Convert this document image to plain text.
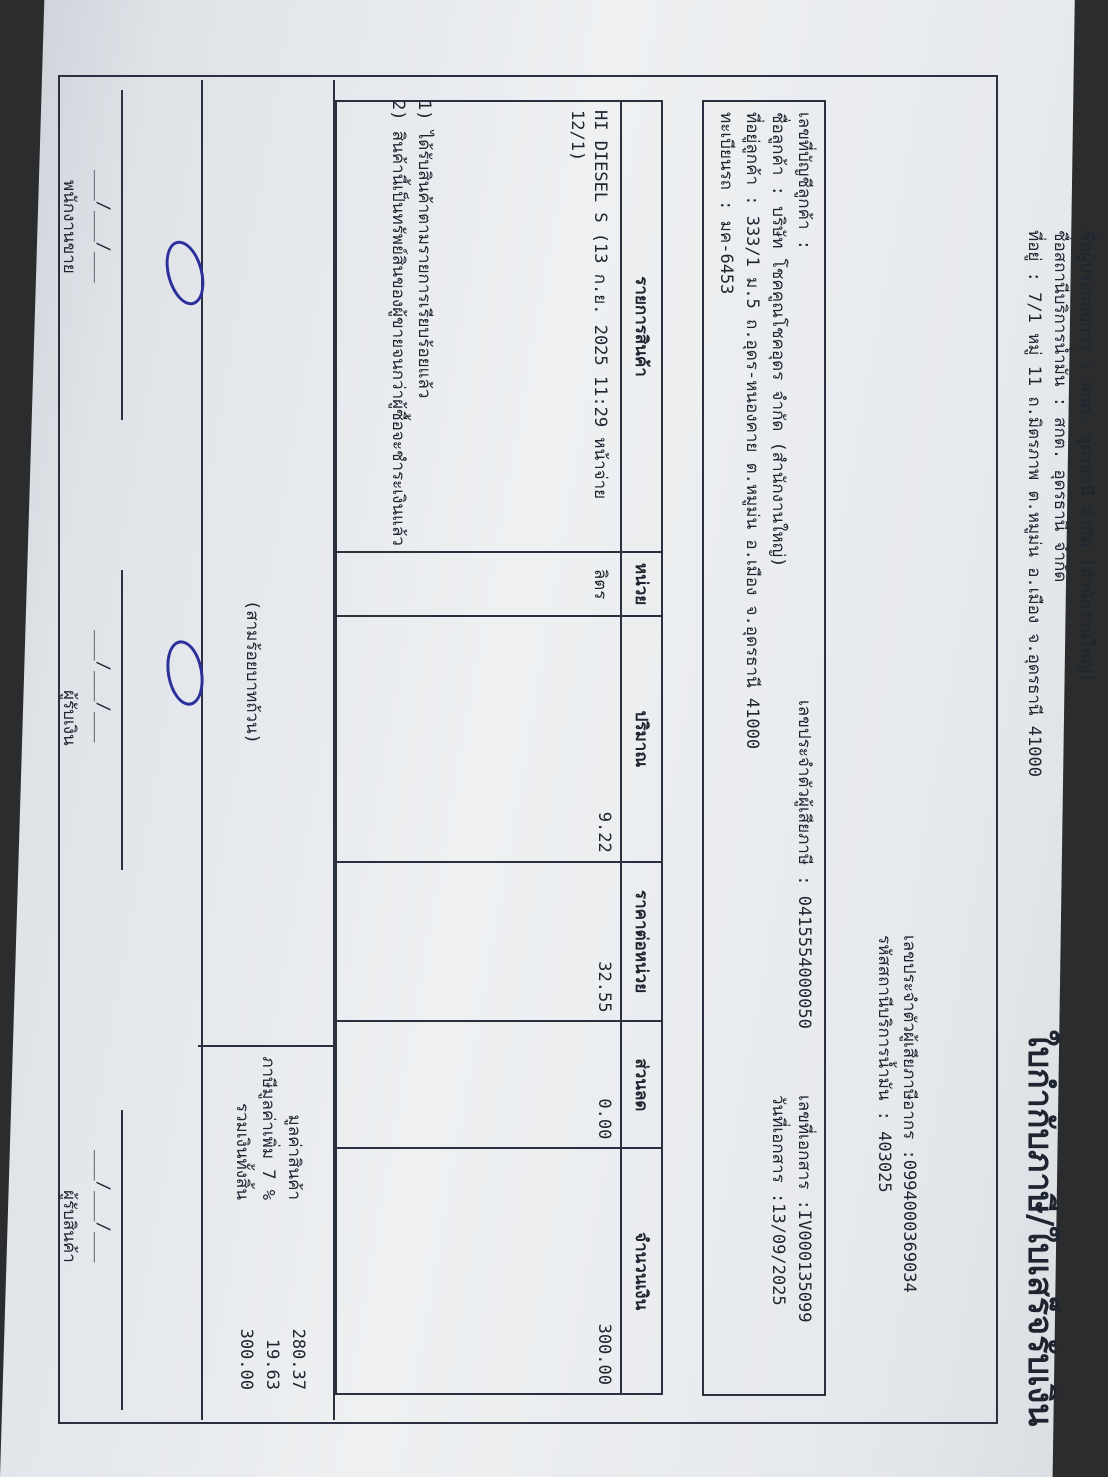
ใบกำกับภาษี/ใบเสร็จรับเงิน
ชื่อผู้ประกอบการ : สกต. อุดรธานี จำกัด (สำนักงานใหญ่)
ชื่อสถานีบริการน้ำมัน : สกต. อุดรธานี จำกัด
ที่อยู่ : 7/1 หมู่ 11 ถ.มิตรภาพ ต.หมูม่น อ.เมือง จ.อุดรธานี 41000
เลขประจำตัวผู้เสียภาษีอากร :0994000369034
รหัสสถานีบริการน้ำมัน : 403025
เลขที่บัญชีลูกค้า :
เลขประจำตัวผู้เสียภาษี : 0415554000050
เลขที่เอกสาร :IV000135099
ชื่อลูกค้า : บริษัท โชคคูณโชคอุดร จำกัด (สำนักงานใหญ่)
วันที่เอกสาร :13/09/2025
ที่อยู่ลูกค้า : 333/1 ม.5 ถ.อุดร-หนองคาย ต.หมูม่น อ.เมือง จ.อุดรธานี 41000
ทะเบียนรถ : มค-6453
รายการสินค้า	หน่วย	ปริมาณ	ราคาต่อหน่วย	ส่วนลด	จำนวนเงิน
HI DIESEL S (13 ก.ย. 2025 11:29 หน้าจ่าย 12/1)	ลิตร	9.22	32.55	0.00	300.00
(สามร้อยบาทถ้วน)
มูลค่าสินค้า
280.37
ภาษีมูลค่าเพิ่ม 7 %
19.63
รวมเงินทั้งสิ้น
300.00
1) ได้รับสินค้าตามรายการเรียบร้อยแล้ว
2) สินค้านี้เป็นทรัพย์สินของผู้ขายจนกว่าผู้ซื้อจะชำระเงินแล้ว
___/___/___
___/___/___
___/___/___
พนักงานขาย
ผู้รับเงิน
ผู้รับสินค้า
